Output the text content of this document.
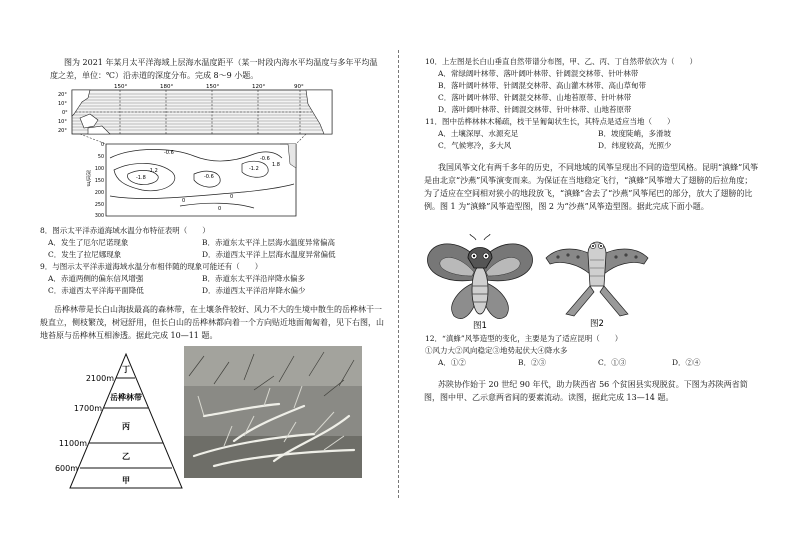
图为 2021 年某月太平洋海域上层海水温度距平（某一时段内海水平均温度与多年平均温度之差，单位：℃）沿赤道的深度分布。完成 8～9 小题。
150°	180°	150°	120°	90°
20°
10°
0°
10°
20°
-0.6
-1.8
-1.2
-0.6
-1.2
-0.6
0
0
1.8
0
0
50
100
150
200
250
300
深度/m
8．图示太平洋赤道海域水温分布特征表明（　　）
A．发生了厄尔尼诺现象	B．赤道东太平洋上层海水温度异常偏高
C．发生了拉尼娜现象	D．赤道西太平洋上层海水温度异常偏低
9．与图示太平洋赤道海域水温分布相伴随的现象可能还有（　　）
A．赤道两侧的偏东信风增强	B．赤道东太平洋沿岸降水偏多
C．赤道西太平洋海平面降低	D．赤道西太平洋沿岸降水偏少
岳桦林带是长白山海拔最高的森林带，在土壤条件较好、风力不大的生境中散生的岳桦林干一般直立，侧枝繁茂，树冠舒用，但长白山的岳桦林都向着一个方向贴近地面匍匐着，见下右图，山地苔原与岳桦林互相渗透。据此完成 10—11 题。
2100m
1700m
1100m
600m
丁
岳桦林带
丙
乙
甲
10．上左图是长白山垂直自然带谱分布图，甲、乙、丙、丁自然带依次为（　　）
A．常绿阔叶林带、落叶阔叶林带、针阔混交林带、针叶林带
B．落叶阔叶林带、针阔混交林带、高山灌木林带、高山草甸带
C．落叶阔叶林带、针阔混交林带、山地苔原带、针叶林带
D．落叶阔叶林带、针阔混交林带、针叶林带、山地苔原带
11．图中岳桦林林木稀疏，枝干呈匍匐状生长，其特点是适应当地（　　）
A．土壤深厚、水源充足	B．坡度陡峭，多滑坡
C．气候寒冷，多大风	D．纬度较高，光照少
我国风筝文化有两千多年的历史，不同地域的风筝呈现出不同的造型风格。昆明“滇蜂”风筝是由北京“沙燕”风筝演变而来。为保证在当地稳定飞行，“滇蜂”风筝增大了翅膀的后拉角度；为了适应在空间相对狭小的地段放飞，“滇蜂”舍去了“沙燕”风筝尾巴的部分，放大了翅膀的比例。图 1 为“滇蜂”风筝造型图，图 2 为“沙燕”风筝造型图。据此完成下面小题。
图1	图2
12．“滇蜂”风筝造型的变化，主要是为了适应昆明（　　）
①风力大②风向稳定③地势起伏大④降水多
A．①②	B．②③	C．①③	D．②④
苏陕协作始于 20 世纪 90 年代，助力陕西省 56 个贫困县实现脱贫。下图为苏陕两省简图，图中甲、乙示意两省间的要素流动。读图，据此完成 13—14 题。
